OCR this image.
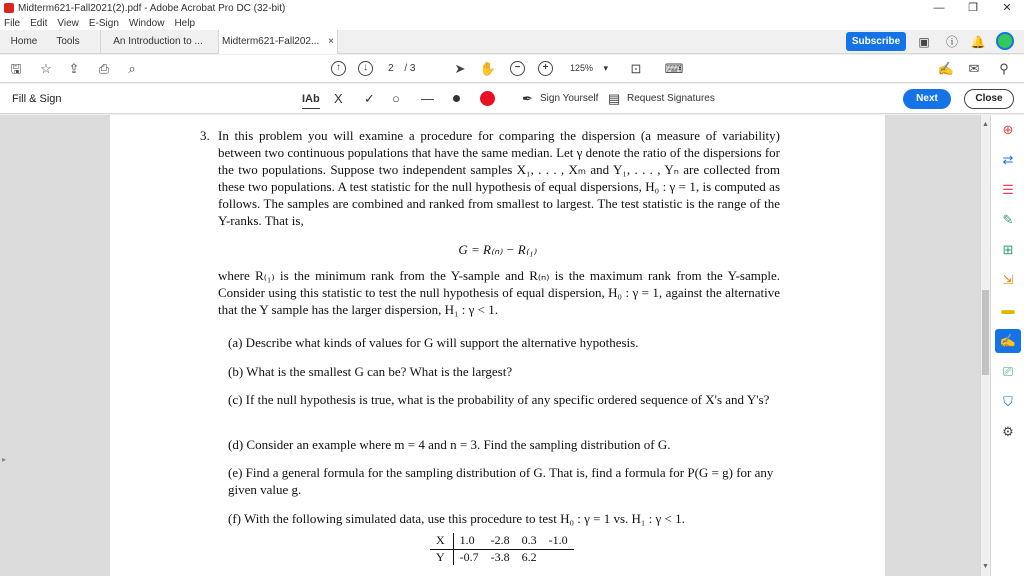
Midterm621-Fall2021(2).pdf - Adobe Acrobat Pro DC (32-bit)	—	❐	✕
File Edit View E-Sign Window Help
Home	Tools	An Introduction to ...	Midterm621-Fall202... ×	Subscribe	▣ ⓘ 🔔
🖫	☆	⇪	⎙	⌕	↑	↓	2 / 3	➤	✋	−	+	125% ▾	⊡	⌨	✍	✉	⚲
Fill & Sign	IAb X ✓ ○ —	✒ Sign Yourself ▤ Request Signatures	Next	Close
▸
3. In this problem you will examine a procedure for comparing the dispersion (a measure of variability) between two continuous populations that have the same median. Let γ denote the ratio of the dispersions for the two populations. Suppose two independent samples X₁, . . . , Xₘ and Y₁, . . . , Yₙ are collected from these two populations. A test statistic for the null hypothesis of equal dispersions, H₀ : γ = 1, is computed as follows. The samples are combined and ranked from smallest to largest. The test statistic is the range of the Y-ranks. That is,
G = R₍ₙ₎ − R₍₁₎
where R₍₁₎ is the minimum rank from the Y-sample and R₍ₙ₎ is the maximum rank from the Y-sample. Consider using this statistic to test the null hypothesis of equal dispersion, H₀ : γ = 1, against the alternative that the Y sample has the larger dispersion, H₁ : γ < 1.
(a) Describe what kinds of values for G will support the alternative hypothesis.
(b) What is the smallest G can be? What is the largest?
(c) If the null hypothesis is true, what is the probability of any specific ordered sequence of X's and Y's?
(d) Consider an example where m = 4 and n = 3. Find the sampling distribution of G.
(e) Find a general formula for the sampling distribution of G. That is, find a formula for P(G = g) for any given value g.
(f) With the following simulated data, use this procedure to test H₀ : γ = 1 vs. H₁ : γ < 1.
X	1.0	-2.8	0.3	-1.0
Y	-0.7	-3.8	6.2	
▲
▼
⊕
⇄
☰
✎
⊞
⇲
▬
✍
⎚
⛉
⚙
